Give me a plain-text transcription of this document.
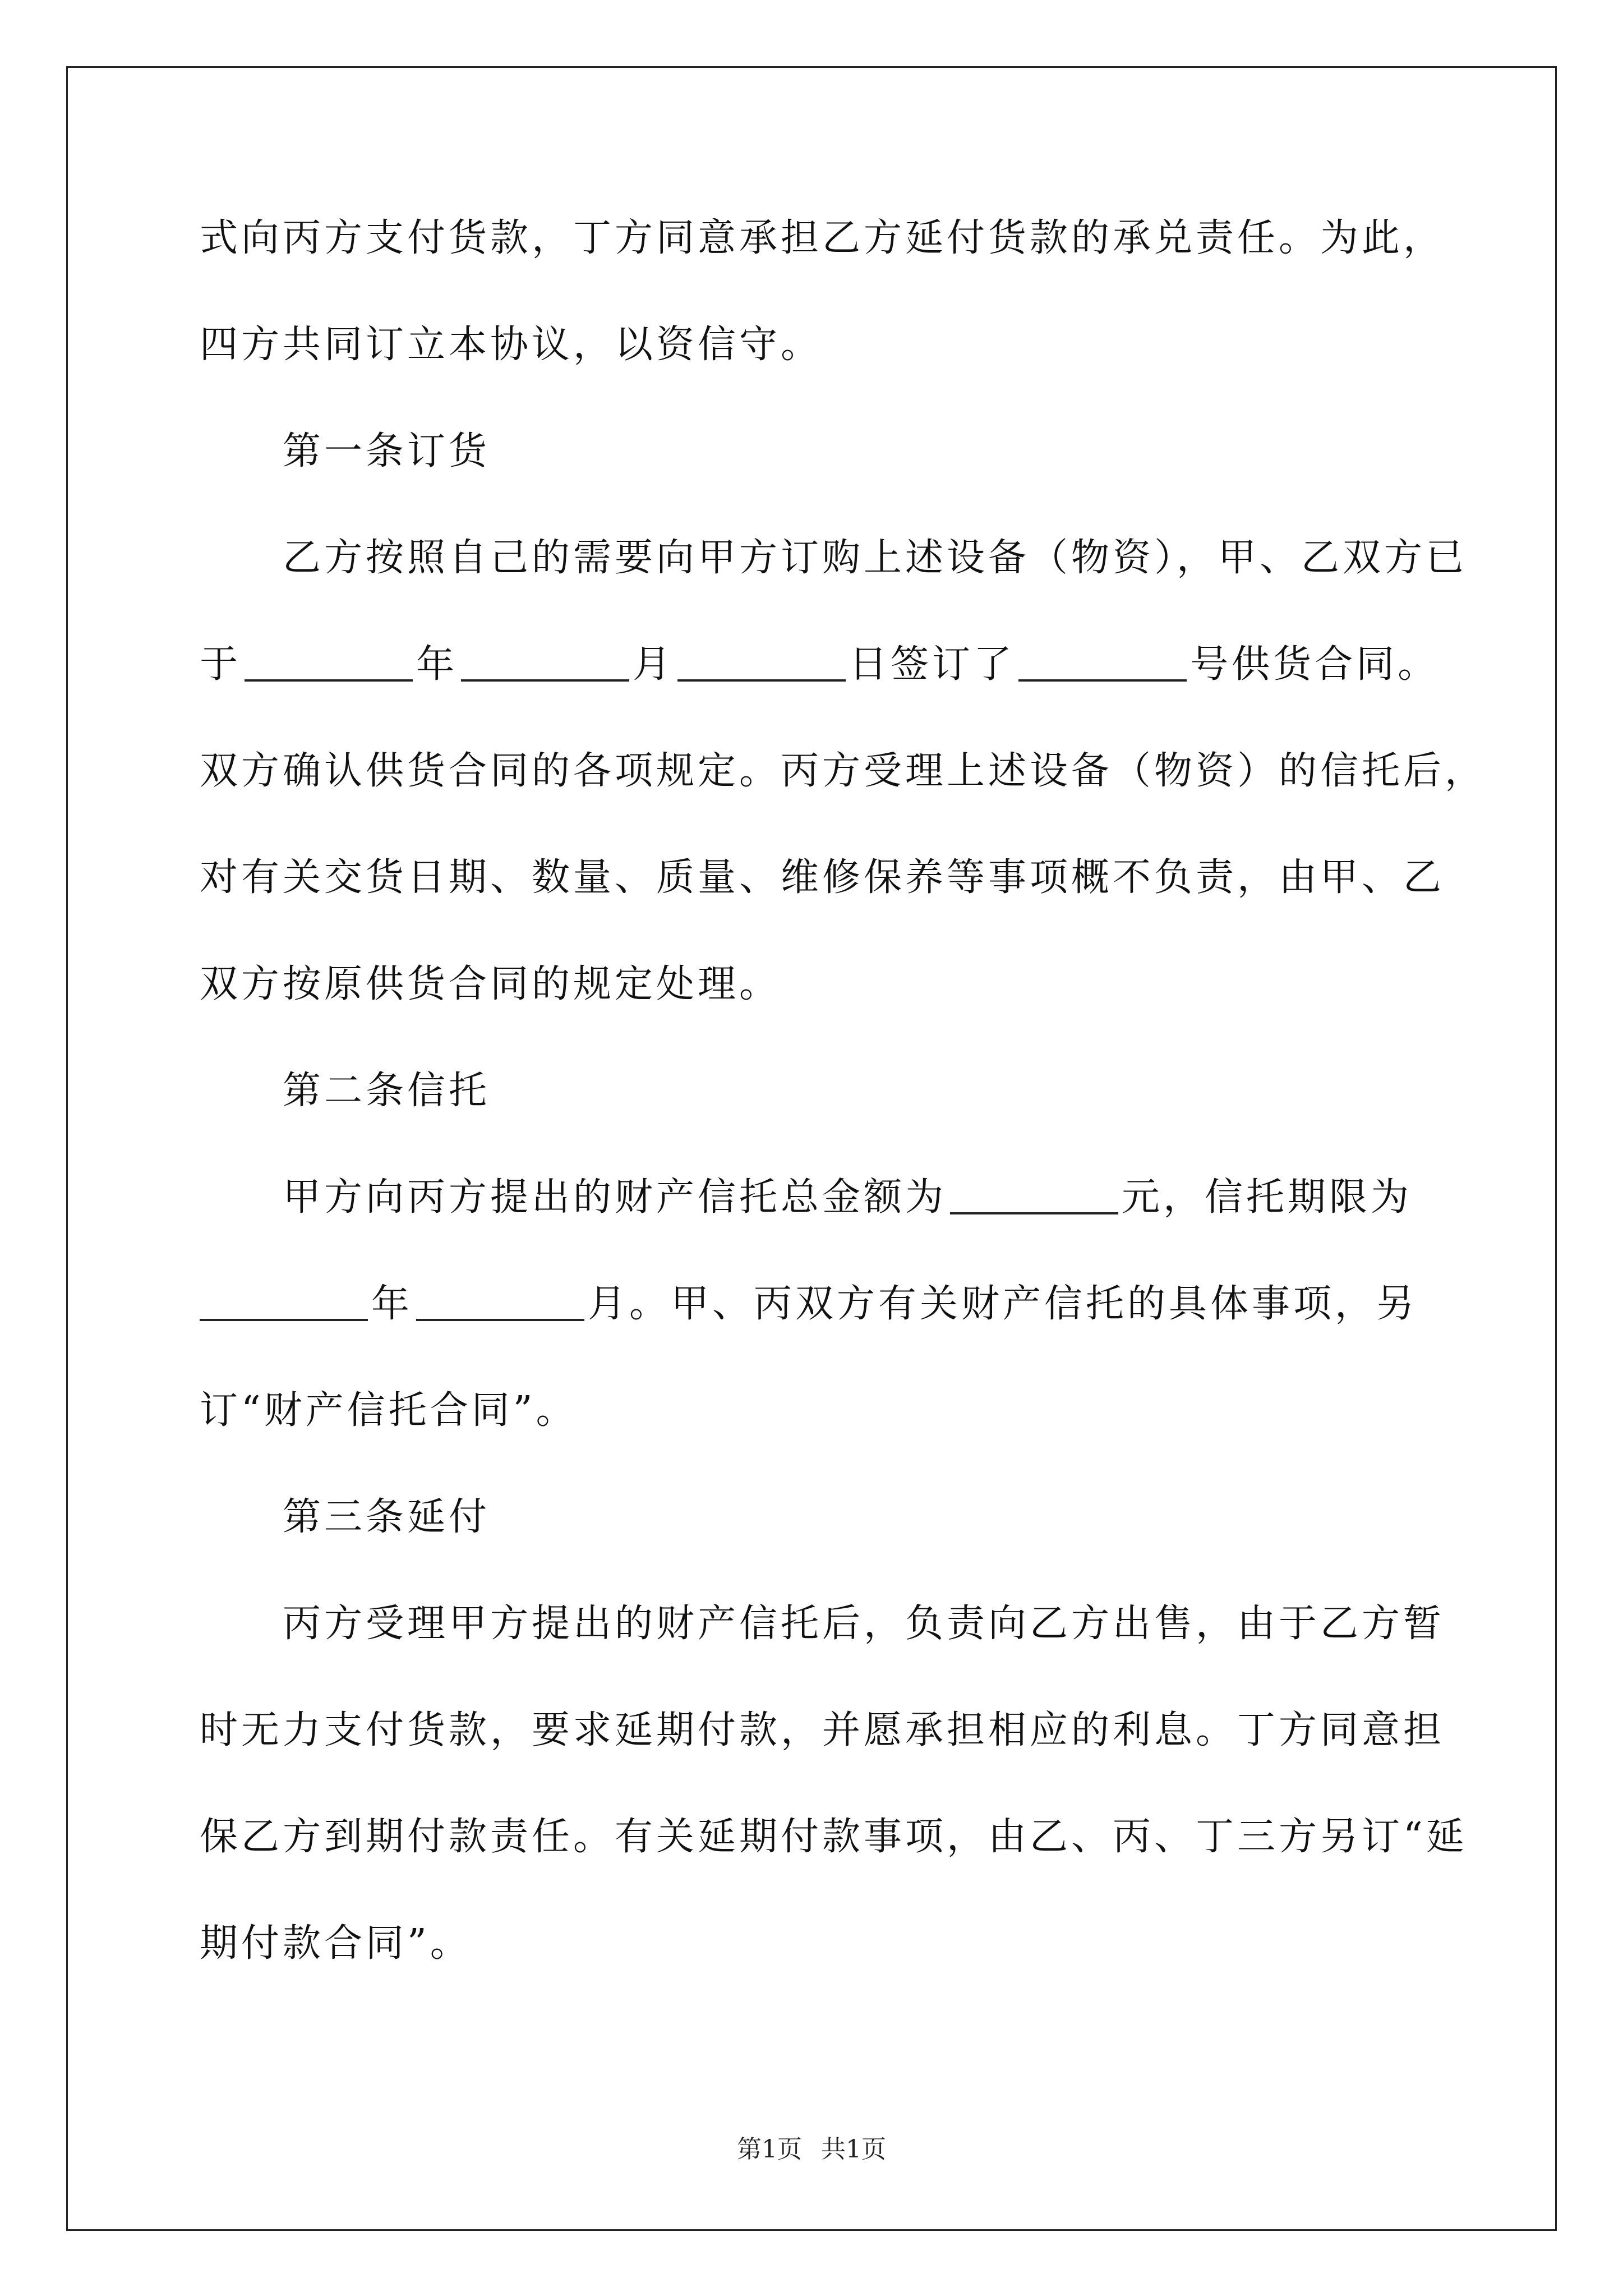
式向丙方支付货款，丁方同意承担乙方延付货款的承兑责任。为此，
四方共同订立本协议，以资信守。
第一条订货
乙方按照自己的需要向甲方订购上述设备（物资），甲、乙双方已
于	年	月	日签订了	号供货合同。
双方确认供货合同的各项规定。丙方受理上述设备（物资）的信托后，
对有关交货日期、数量、质量、维修保养等事项概不负责，由甲、乙
双方按原供货合同的规定处理。
第二条信托
甲方向丙方提出的财产信托总金额为	元，信托期限为
年	月。甲、丙双方有关财产信托的具体事项，另
订“财产信托合同”。
第三条延付
丙方受理甲方提出的财产信托后，负责向乙方出售，由于乙方暂
时无力支付货款，要求延期付款，并愿承担相应的利息。丁方同意担
保乙方到期付款责任。有关延期付款事项，由乙、丙、丁三方另订“延
期付款合同”。
第1页 共1页
